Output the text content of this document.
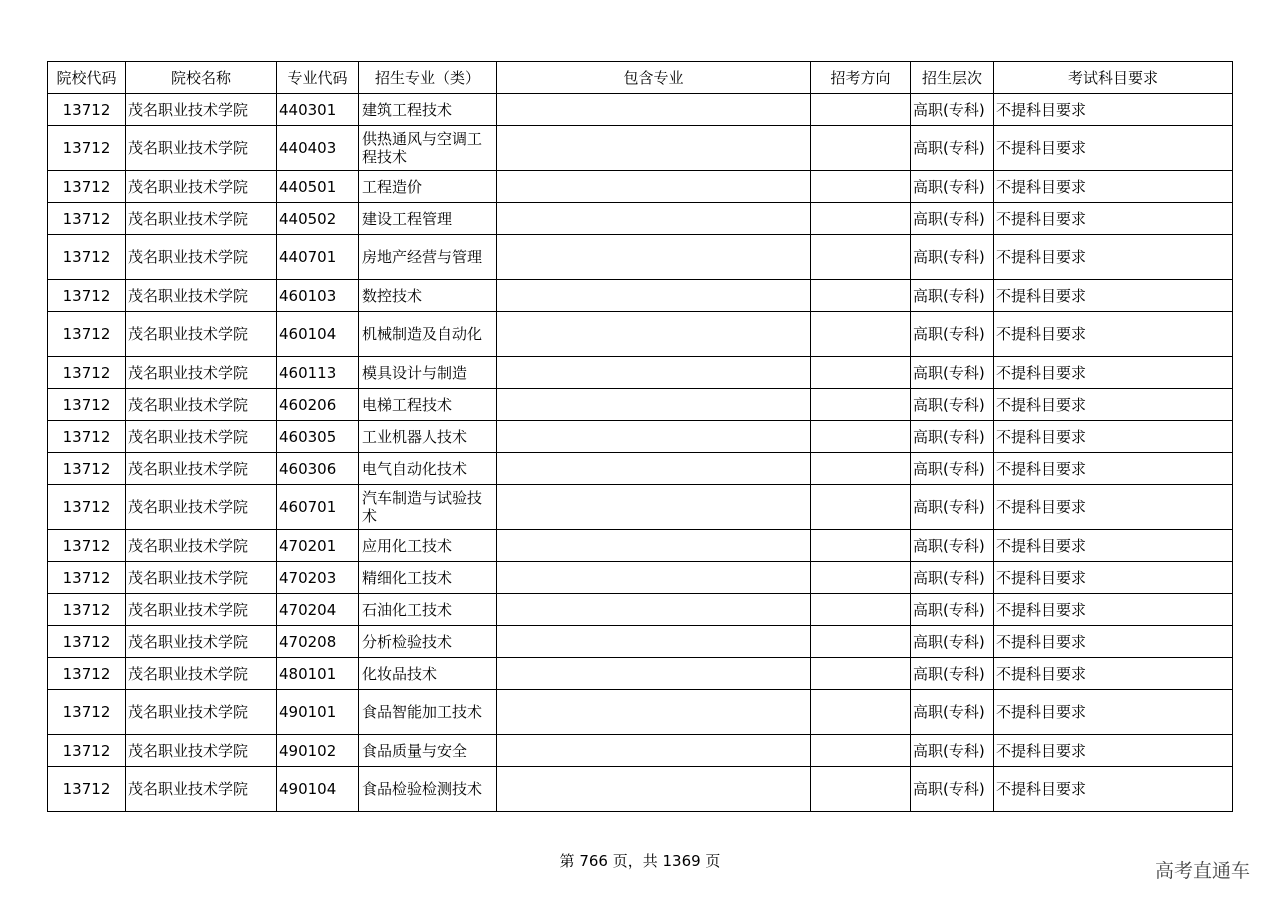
院校代码	院校名称	专业代码	招生专业（类）	包含专业	招考方向	招生层次	考试科目要求
13712	茂名职业技术学院	440301	建筑工程技术			高职(专科)	不提科目要求
13712	茂名职业技术学院	440403	供热通风与空调工程技术			高职(专科)	不提科目要求
13712	茂名职业技术学院	440501	工程造价			高职(专科)	不提科目要求
13712	茂名职业技术学院	440502	建设工程管理			高职(专科)	不提科目要求
13712	茂名职业技术学院	440701	房地产经营与管理			高职(专科)	不提科目要求
13712	茂名职业技术学院	460103	数控技术			高职(专科)	不提科目要求
13712	茂名职业技术学院	460104	机械制造及自动化			高职(专科)	不提科目要求
13712	茂名职业技术学院	460113	模具设计与制造			高职(专科)	不提科目要求
13712	茂名职业技术学院	460206	电梯工程技术			高职(专科)	不提科目要求
13712	茂名职业技术学院	460305	工业机器人技术			高职(专科)	不提科目要求
13712	茂名职业技术学院	460306	电气自动化技术			高职(专科)	不提科目要求
13712	茂名职业技术学院	460701	汽车制造与试验技术			高职(专科)	不提科目要求
13712	茂名职业技术学院	470201	应用化工技术			高职(专科)	不提科目要求
13712	茂名职业技术学院	470203	精细化工技术			高职(专科)	不提科目要求
13712	茂名职业技术学院	470204	石油化工技术			高职(专科)	不提科目要求
13712	茂名职业技术学院	470208	分析检验技术			高职(专科)	不提科目要求
13712	茂名职业技术学院	480101	化妆品技术			高职(专科)	不提科目要求
13712	茂名职业技术学院	490101	食品智能加工技术			高职(专科)	不提科目要求
13712	茂名职业技术学院	490102	食品质量与安全			高职(专科)	不提科目要求
13712	茂名职业技术学院	490104	食品检验检测技术			高职(专科)	不提科目要求
第 766 页，共 1369 页	高考直通车
